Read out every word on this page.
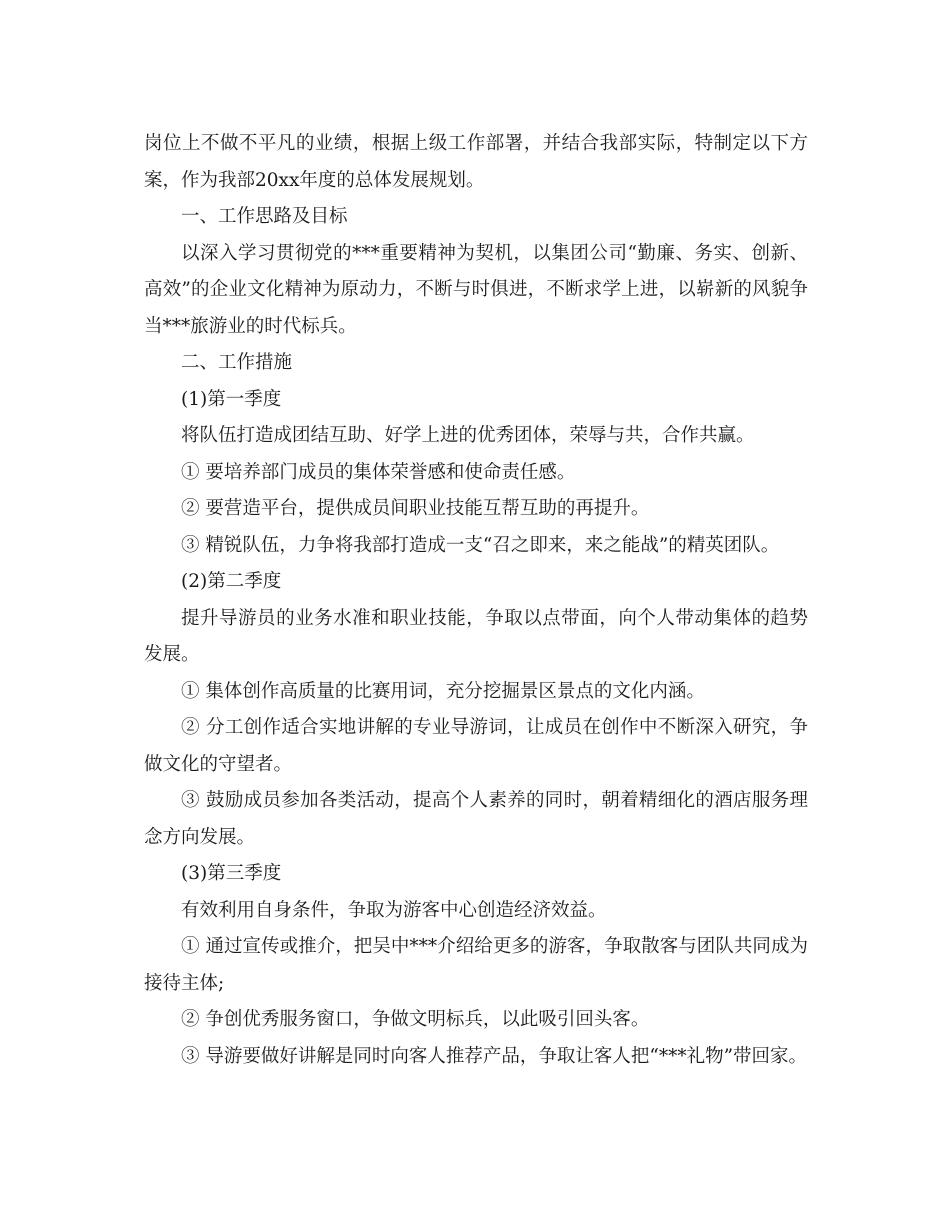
岗位上不做不平凡的业绩，根据上级工作部署，并结合我部实际，特制定以下方案，作为我部20xx年度的总体发展规划。

一、工作思路及目标

以深入学习贯彻党的***重要精神为契机，以集团公司“勤廉、务实、创新、高效”的企业文化精神为原动力，不断与时俱进，不断求学上进，以崭新的风貌争当***旅游业的时代标兵。

二、工作措施

(1)第一季度

将队伍打造成团结互助、好学上进的优秀团体，荣辱与共，合作共赢。

① 要培养部门成员的集体荣誉感和使命责任感。

② 要营造平台，提供成员间职业技能互帮互助的再提升。

③ 精锐队伍，力争将我部打造成一支“召之即来，来之能战”的精英团队。

(2)第二季度

提升导游员的业务水准和职业技能，争取以点带面，向个人带动集体的趋势发展。

① 集体创作高质量的比赛用词，充分挖掘景区景点的文化内涵。

② 分工创作适合实地讲解的专业导游词，让成员在创作中不断深入研究，争做文化的守望者。

③ 鼓励成员参加各类活动，提高个人素养的同时，朝着精细化的酒店服务理念方向发展。

(3)第三季度

有效利用自身条件，争取为游客中心创造经济效益。

① 通过宣传或推介，把吴中***介绍给更多的游客，争取散客与团队共同成为接待主体;

② 争创优秀服务窗口，争做文明标兵，以此吸引回头客。

③ 导游要做好讲解是同时向客人推荐产品，争取让客人把“***礼物”带回家。
